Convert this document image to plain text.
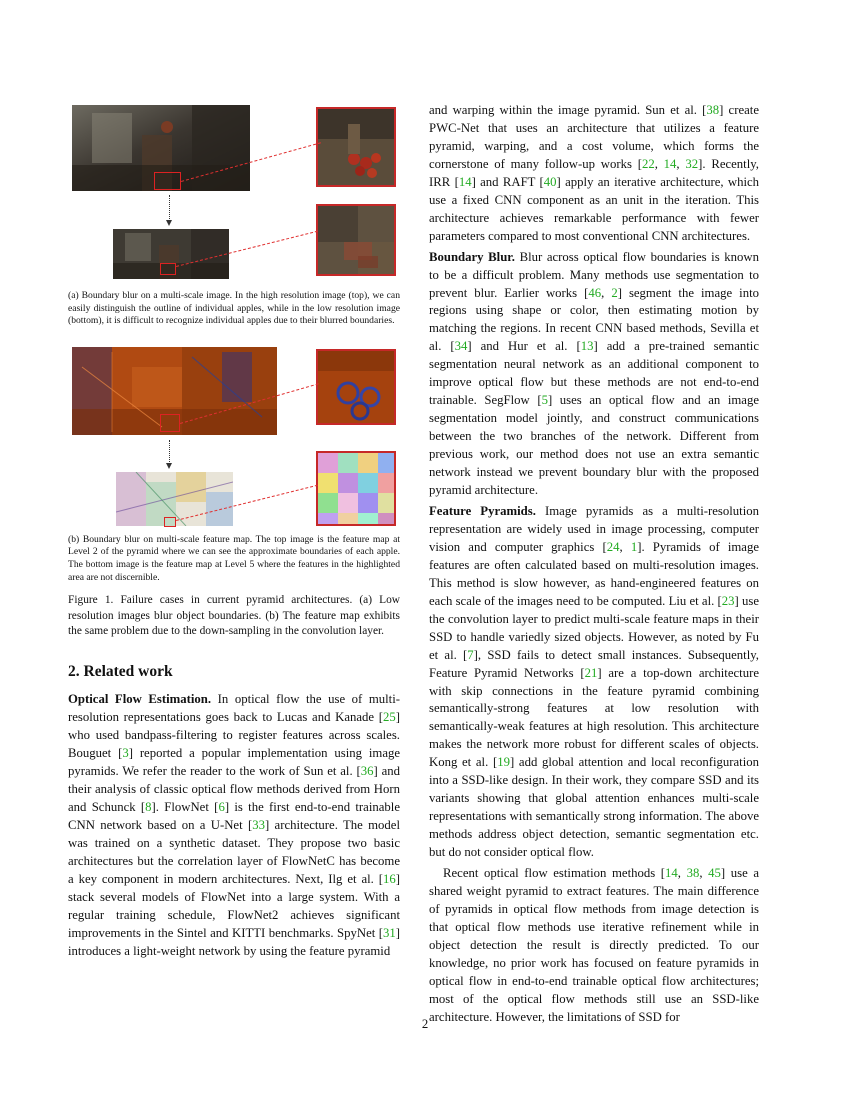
(a) Boundary blur on a multi-scale image. In the high resolution image (top), we can easily distinguish the outline of individual apples, while in the low resolution image (bottom), it is difficult to recognize individual apples due to their blurred boundaries.

(b) Boundary blur on multi-scale feature map. The top image is the feature map at Level 2 of the pyramid where we can see the approximate boundaries of each apple. The bottom image is the feature map at Level 5 where the features in the highlighted area are not discernible.

Figure 1. Failure cases in current pyramid architectures. (a) Low resolution images blur object boundaries. (b) The feature map exhibits the same problem due to the down-sampling in the convolution layer.

2. Related work

Optical Flow Estimation. In optical flow the use of multi-resolution representations goes back to Lucas and Kanade [25] who used bandpass-filtering to register features across scales. Bouguet [3] reported a popular implementation using image pyramids. We refer the reader to the work of Sun et al. [36] and their analysis of classic optical flow methods derived from Horn and Schunck [8]. FlowNet [6] is the first end-to-end trainable CNN network based on a U-Net [33] architecture. The model was trained on a synthetic dataset. They propose two basic architectures but the correlation layer of FlowNetC has become a key component in modern architectures. Next, Ilg et al. [16] stack several models of FlowNet into a large system. With a regular training schedule, FlowNet2 achieves significant improvements in the Sintel and KITTI benchmarks. SpyNet [31] introduces a light-weight network by using the feature pyramid

and warping within the image pyramid. Sun et al. [38] create PWC-Net that uses an architecture that utilizes a feature pyramid, warping, and a cost volume, which forms the cornerstone of many follow-up works [22, 14, 32]. Recently, IRR [14] and RAFT [40] apply an iterative architecture, which use a fixed CNN component as an unit in the iteration. This architecture achieves remarkable performance with fewer parameters compared to most conventional CNN architectures.

Boundary Blur. Blur across optical flow boundaries is known to be a difficult problem. Many methods use segmentation to prevent blur. Earlier works [46, 2] segment the image into regions using shape or color, then estimating motion by matching the regions. In recent CNN based methods, Sevilla et al. [34] and Hur et al. [13] add a pre-trained semantic segmentation neural network as an additional component to improve optical flow but these methods are not end-to-end trainable. SegFlow [5] uses an optical flow and an image segmentation model jointly, and construct communications between the two branches of the network. Different from previous work, our method does not use an extra semantic network instead we prevent boundary blur with the proposed pyramid architecture.

Feature Pyramids. Image pyramids as a multi-resolution representation are widely used in image processing, computer vision and computer graphics [24, 1]. Pyramids of image features are often calculated based on multi-resolution images. This method is slow however, as hand-engineered features on each scale of the images need to be computed. Liu et al. [23] use the convolution layer to predict multi-scale feature maps in their SSD to handle variedly sized objects. However, as noted by Fu et al. [7], SSD fails to detect small instances. Subsequently, Feature Pyramid Networks [21] are a top-down architecture with skip connections in the feature pyramid combining semantically-strong features at low resolution with semantically-weak features at high resolution. This architecture makes the network more robust for different scales of objects. Kong et al. [19] add global attention and local reconfiguration into a SSD-like design. In their work, they compare SSD and its variants showing that global attention enhances multi-scale representations with semantically strong information. The above methods address object detection, semantic segmentation etc. but do not consider optical flow.

Recent optical flow estimation methods [14, 38, 45] use a shared weight pyramid to extract features. The main difference of pyramids in optical flow methods from image detection is that optical flow methods use iterative refinement while in object detection the result is directly predicted. To our knowledge, no prior work has focused on feature pyramids in optical flow in end-to-end trainable optical flow architectures; most of the optical flow methods still use an SSD-like architecture. However, the limitations of SSD for

2
